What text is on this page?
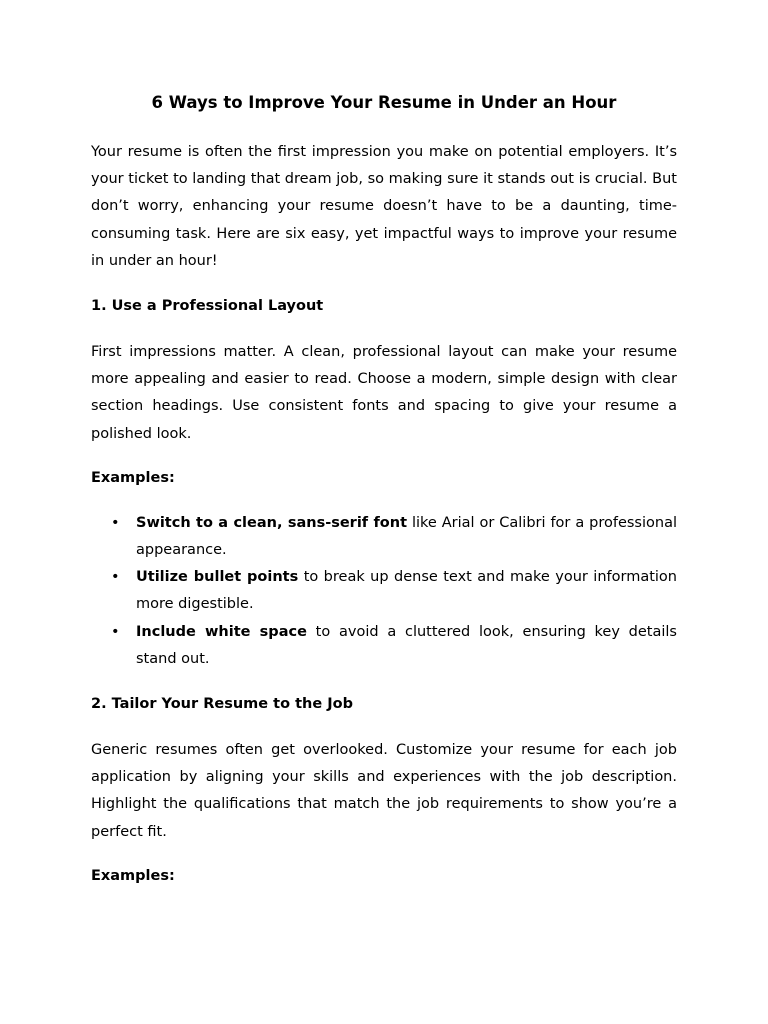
6 Ways to Improve Your Resume in Under an Hour

Your resume is often the first impression you make on potential employers. It’s your ticket to landing that dream job, so making sure it stands out is crucial. But don’t worry, enhancing your resume doesn’t have to be a daunting, time-consuming task. Here are six easy, yet impactful ways to improve your resume in under an hour!

1. Use a Professional Layout

First impressions matter. A clean, professional layout can make your resume more appealing and easier to read. Choose a modern, simple design with clear section headings. Use consistent fonts and spacing to give your resume a polished look.

Examples:

• Switch to a clean, sans-serif font like Arial or Calibri for a professional appearance.
• Utilize bullet points to break up dense text and make your information more digestible.
• Include white space to avoid a cluttered look, ensuring key details stand out.
2. Tailor Your Resume to the Job

Generic resumes often get overlooked. Customize your resume for each job application by aligning your skills and experiences with the job description. Highlight the qualifications that match the job requirements to show you’re a perfect fit.

Examples:
